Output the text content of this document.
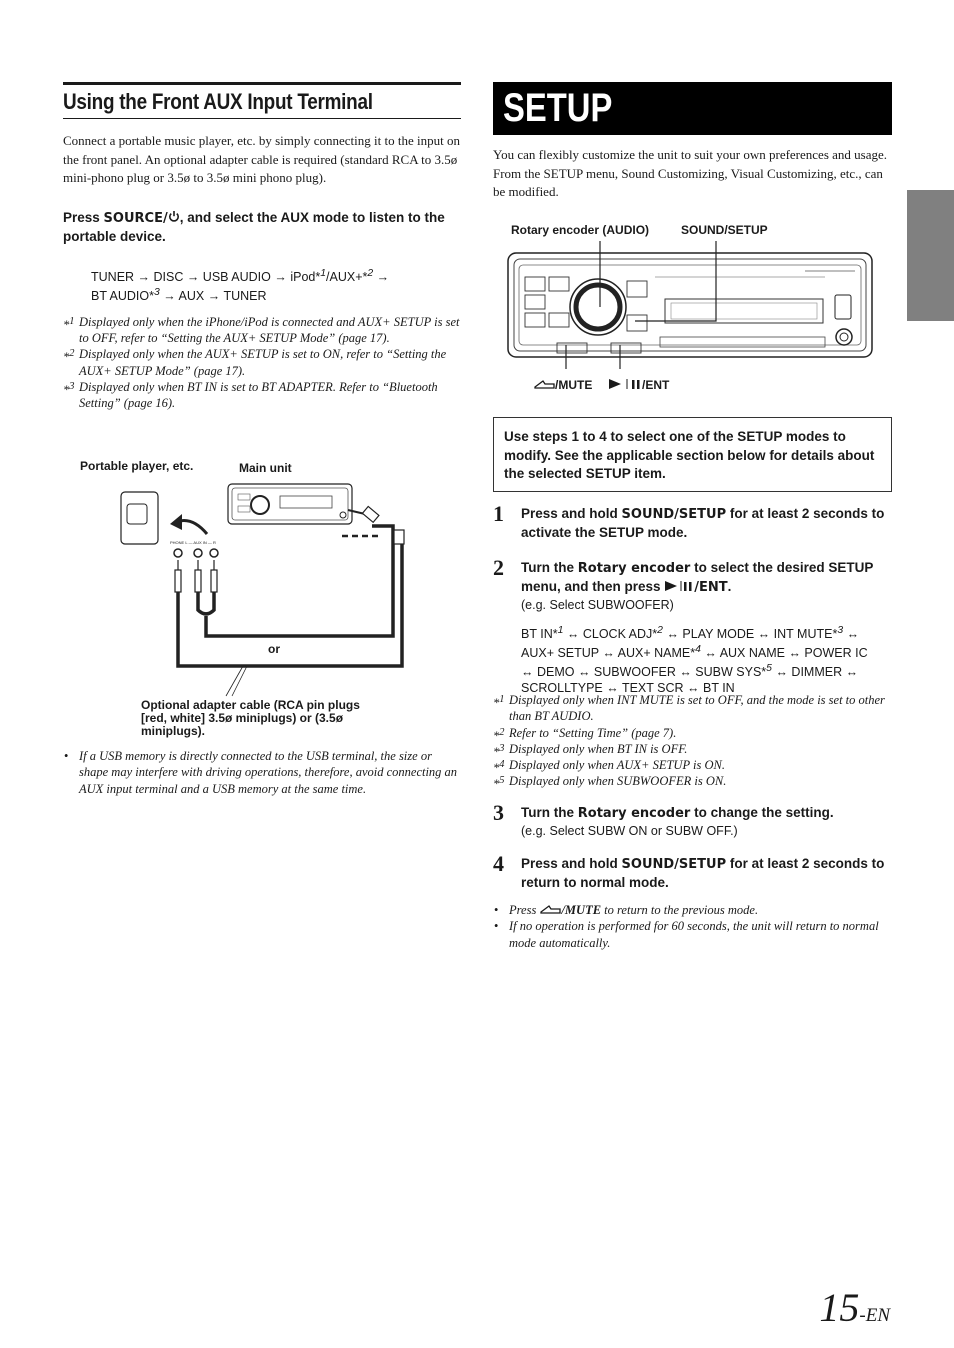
Using the Front AUX Input Terminal

Connect a portable music player, etc. by simply connecting it to the input on the front panel. An optional adapter cable is required (standard RCA to 3.5ø mini-phono plug or 3.5ø to 3.5ø mini phono plug).

Press SOURCE/ , and select the AUX mode to listen to the portable device.

TUNER → DISC → USB AUDIO → iPod*$^1$/AUX+*$^2$ →
BT AUDIO*$^3$ → AUX → TUNER
*$^1$ Displayed only when the iPhone/iPod is connected and AUX+ SETUP is set to OFF, refer to “Setting the AUX+ SETUP Mode” (page 17).
*$^2$ Displayed only when the AUX+ SETUP is set to ON, refer to “Setting the AUX+ SETUP Mode” (page 17).
*$^3$ Displayed only when BT IN is set to BT ADAPTER. Refer to “Bluetooth Setting” (page 16).
Portable player, etc.	Main unit
PHONE L — AUX IN — R
or
Optional adapter cable (RCA pin plugs [red, white] 3.5ø miniplugs) or (3.5ø miniplugs).
• If a USB memory is directly connected to the USB terminal, the size or shape may interfere with driving operations, therefore, avoid connecting an AUX input terminal and a USB memory at the same time.
SETUP

You can flexibly customize the unit to suit your own preferences and usage. From the SETUP menu, Sound Customizing, Visual Customizing, etc., can be modified.

Rotary encoder (AUDIO)	SOUND/SETUP
/MUTE	/ENT
Use steps 1 to 4 to select one of the SETUP modes to modify. See the applicable section below for details about the selected SETUP item.
1 Press and hold SOUND/SETUP for at least 2 seconds to activate the SETUP mode.
2 Turn the Rotary encoder to select the desired SETUP menu, and then press /ENT.
(e.g. Select SUBWOOFER)
BT IN*$^1$ ↔ CLOCK ADJ*$^2$ ↔ PLAY MODE ↔ INT MUTE*$^3$ ↔
AUX+ SETUP ↔ AUX+ NAME*$^4$ ↔ AUX NAME ↔ POWER IC
↔ DEMO ↔ SUBWOOFER ↔ SUBW SYS*$^5$ ↔ DIMMER ↔
SCROLLTYPE ↔ TEXT SCR ↔ BT IN
*$^1$ Displayed only when INT MUTE is set to OFF, and the mode is set to other than BT AUDIO.
*$^2$ Refer to “Setting Time” (page 7).
*$^3$ Displayed only when BT IN is OFF.
*$^4$ Displayed only when AUX+ SETUP is ON.
*$^5$ Displayed only when SUBWOOFER is ON.
3 Turn the Rotary encoder to change the setting.
(e.g. Select SUBW ON or SUBW OFF.)
4 Press and hold SOUND/SETUP for at least 2 seconds to return to normal mode.
• Press /MUTE to return to the previous mode.
• If no operation is performed for 60 seconds, the unit will return to normal mode automatically.
15-EN
